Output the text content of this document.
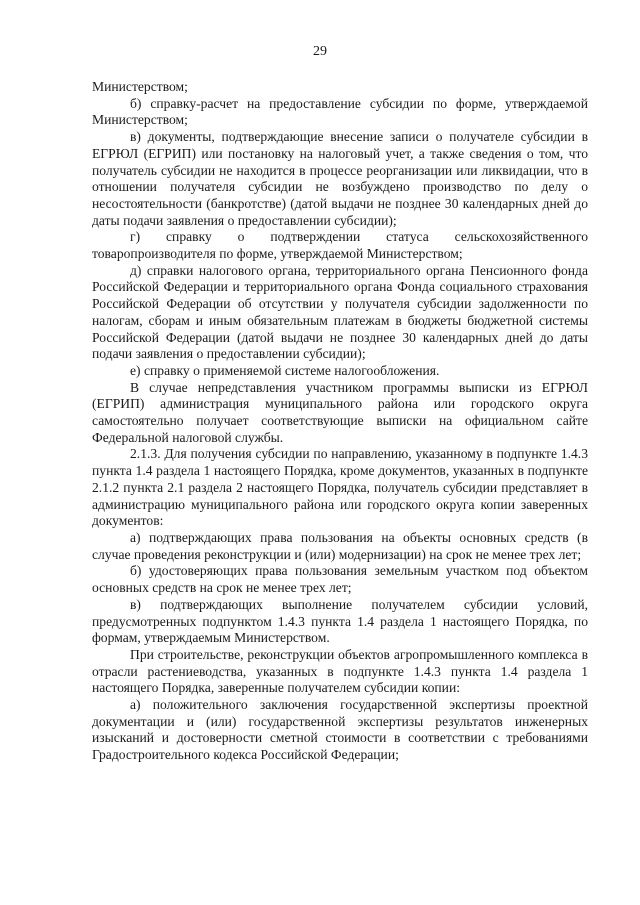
29

Министерством;

б) справку-расчет на предоставление субсидии по форме, утверждаемой Министерством;

в) документы, подтверждающие внесение записи о получателе субсидии в ЕГРЮЛ (ЕГРИП) или постановку на налоговый учет, а также сведения о том, что получатель субсидии не находится в процессе реорганизации или ликвидации, что в отношении получателя субсидии не возбуждено производство по делу о несостоятельности (банкротстве) (датой выдачи не позднее 30 календарных дней до даты подачи заявления о предоставлении субсидии);

г) справку о подтверждении статуса сельскохозяйственного товаропроизводителя по форме, утверждаемой Министерством;

д) справки налогового органа, территориального органа Пенсионного фонда Российской Федерации и территориального органа Фонда социального страхования Российской Федерации об отсутствии у получателя субсидии задолженности по налогам, сборам и иным обязательным платежам в бюджеты бюджетной системы Российской Федерации (датой выдачи не позднее 30 календарных дней до даты подачи заявления о предоставлении субсидии);

е) справку о применяемой системе налогообложения.

В случае непредставления участником программы выписки из ЕГРЮЛ (ЕГРИП) администрация муниципального района или городского округа самостоятельно получает соответствующие выписки на официальном сайте Федеральной налоговой службы.

2.1.3. Для получения субсидии по направлению, указанному в подпункте 1.4.3 пункта 1.4 раздела 1 настоящего Порядка, кроме документов, указанных в подпункте 2.1.2 пункта 2.1 раздела 2 настоящего Порядка, получатель субсидии представляет в администрацию муниципального района или городского округа копии заверенных документов:

а) подтверждающих права пользования на объекты основных средств (в случае проведения реконструкции и (или) модернизации) на срок не менее трех лет;

б) удостоверяющих права пользования земельным участком под объектом основных средств на срок не менее трех лет;

в) подтверждающих выполнение получателем субсидии условий, предусмотренных подпунктом 1.4.3 пункта 1.4 раздела 1 настоящего Порядка, по формам, утверждаемым Министерством.

При строительстве, реконструкции объектов агропромышленного комплекса в отрасли растениеводства, указанных в подпункте 1.4.3 пункта 1.4 раздела 1 настоящего Порядка, заверенные получателем субсидии копии:

а) положительного заключения государственной экспертизы проектной документации и (или) государственной экспертизы результатов инженерных изысканий и достоверности сметной стоимости в соответствии с требованиями Градостроительного кодекса Российской Федерации;
